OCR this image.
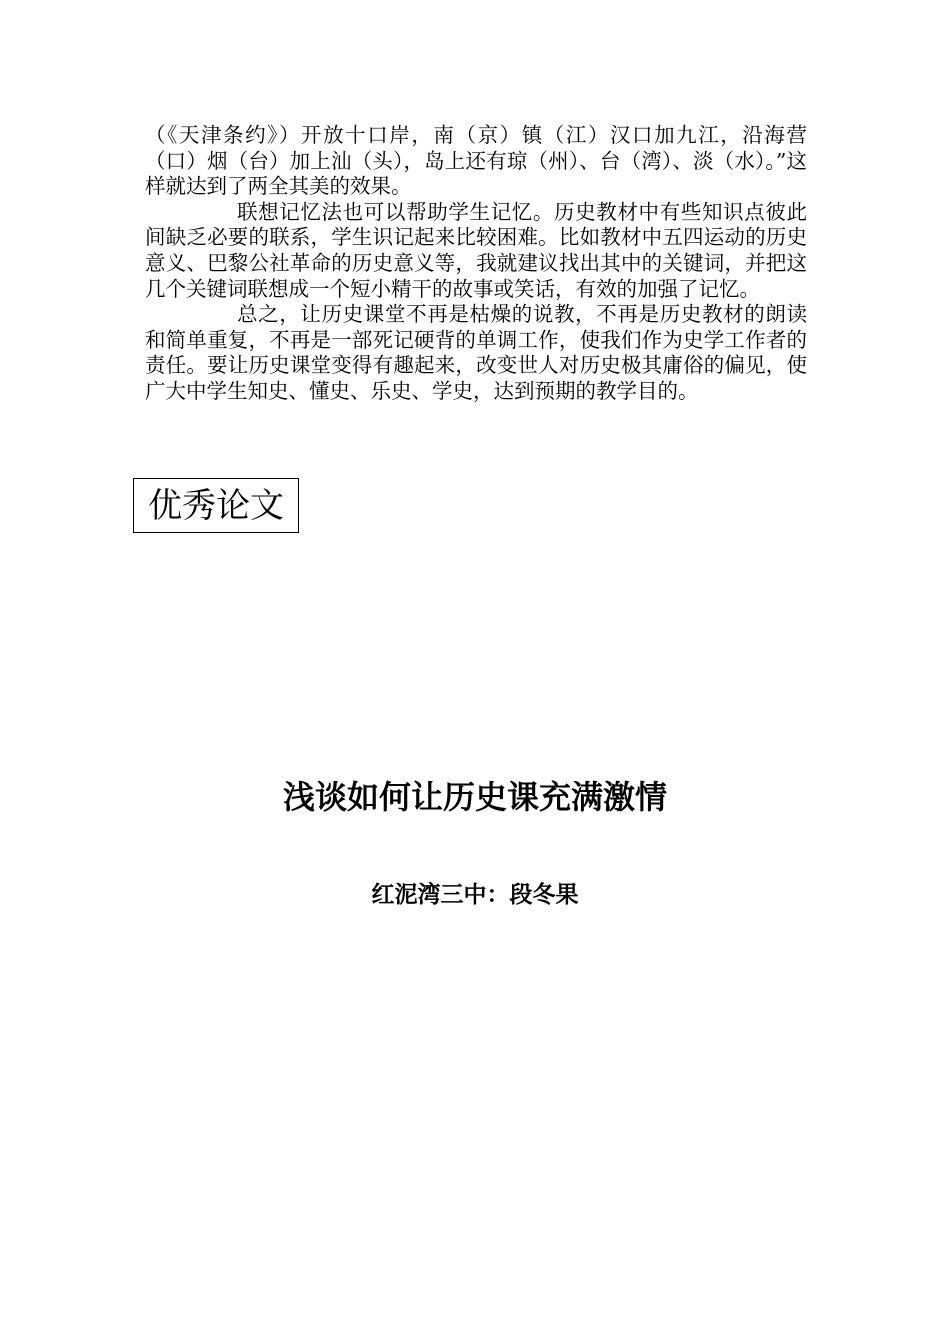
（《天津条约》）开放十口岸，南（京）镇（江）汉口加九江，沿海营（口）烟（台）加上汕（头），岛上还有琼（州）、台（湾）、淡（水）。”这样就达到了两全其美的效果。

联想记忆法也可以帮助学生记忆。历史教材中有些知识点彼此间缺乏必要的联系，学生识记起来比较困难。比如教材中五四运动的历史意义、巴黎公社革命的历史意义等，我就建议找出其中的关键词，并把这几个关键词联想成一个短小精干的故事或笑话，有效的加强了记忆。

总之，让历史课堂不再是枯燥的说教，不再是历史教材的朗读和简单重复，不再是一部死记硬背的单调工作，使我们作为史学工作者的责任。要让历史课堂变得有趣起来，改变世人对历史极其庸俗的偏见，使广大中学生知史、懂史、乐史、学史，达到预期的教学目的。

优秀论文
浅谈如何让历史课充满激情
红泥湾三中：段冬果
